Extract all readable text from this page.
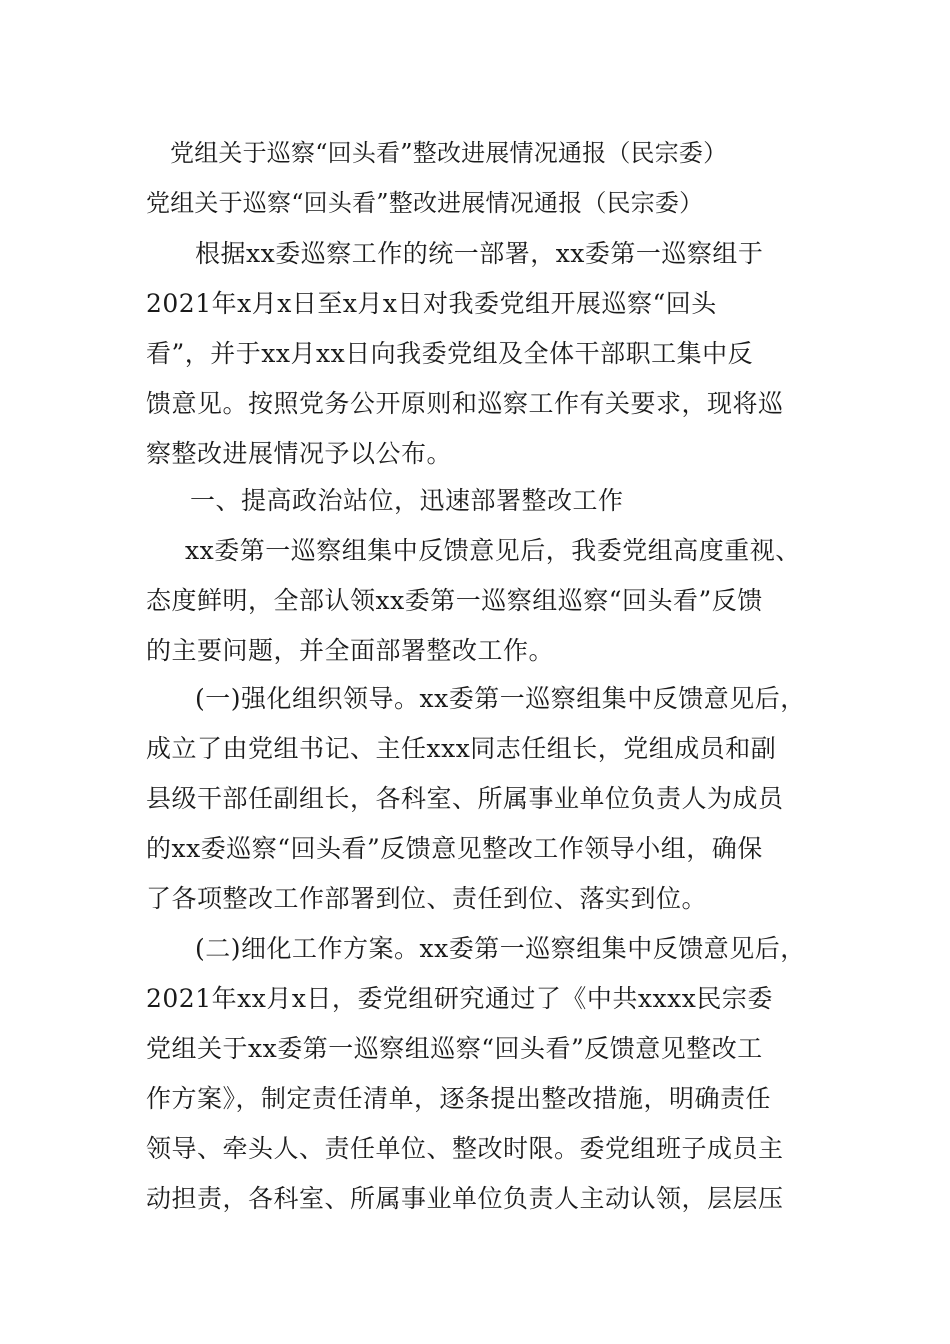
党组关于巡察“回头看”整改进展情况通报（民宗委）
党组关于巡察“回头看”整改进展情况通报（民宗委）
根据xx委巡察工作的统一部署，xx委第一巡察组于
2021年x月x日至x月x日对我委党组开展巡察“回头
看”，并于xx月xx日向我委党组及全体干部职工集中反
馈意见。按照党务公开原则和巡察工作有关要求，现将巡
察整改进展情况予以公布。
一、提高政治站位，迅速部署整改工作
xx委第一巡察组集中反馈意见后，我委党组高度重视、
态度鲜明，全部认领xx委第一巡察组巡察“回头看”反馈
的主要问题，并全面部署整改工作。
(一)强化组织领导。xx委第一巡察组集中反馈意见后，
成立了由党组书记、主任xxx同志任组长，党组成员和副
县级干部任副组长，各科室、所属事业单位负责人为成员
的xx委巡察“回头看”反馈意见整改工作领导小组，确保
了各项整改工作部署到位、责任到位、落实到位。
(二)细化工作方案。xx委第一巡察组集中反馈意见后，
2021年xx月x日，委党组研究通过了《中共xxxx民宗委
党组关于xx委第一巡察组巡察“回头看”反馈意见整改工
作方案》，制定责任清单，逐条提出整改措施，明确责任
领导、牵头人、责任单位、整改时限。委党组班子成员主
动担责，各科室、所属事业单位负责人主动认领，层层压
